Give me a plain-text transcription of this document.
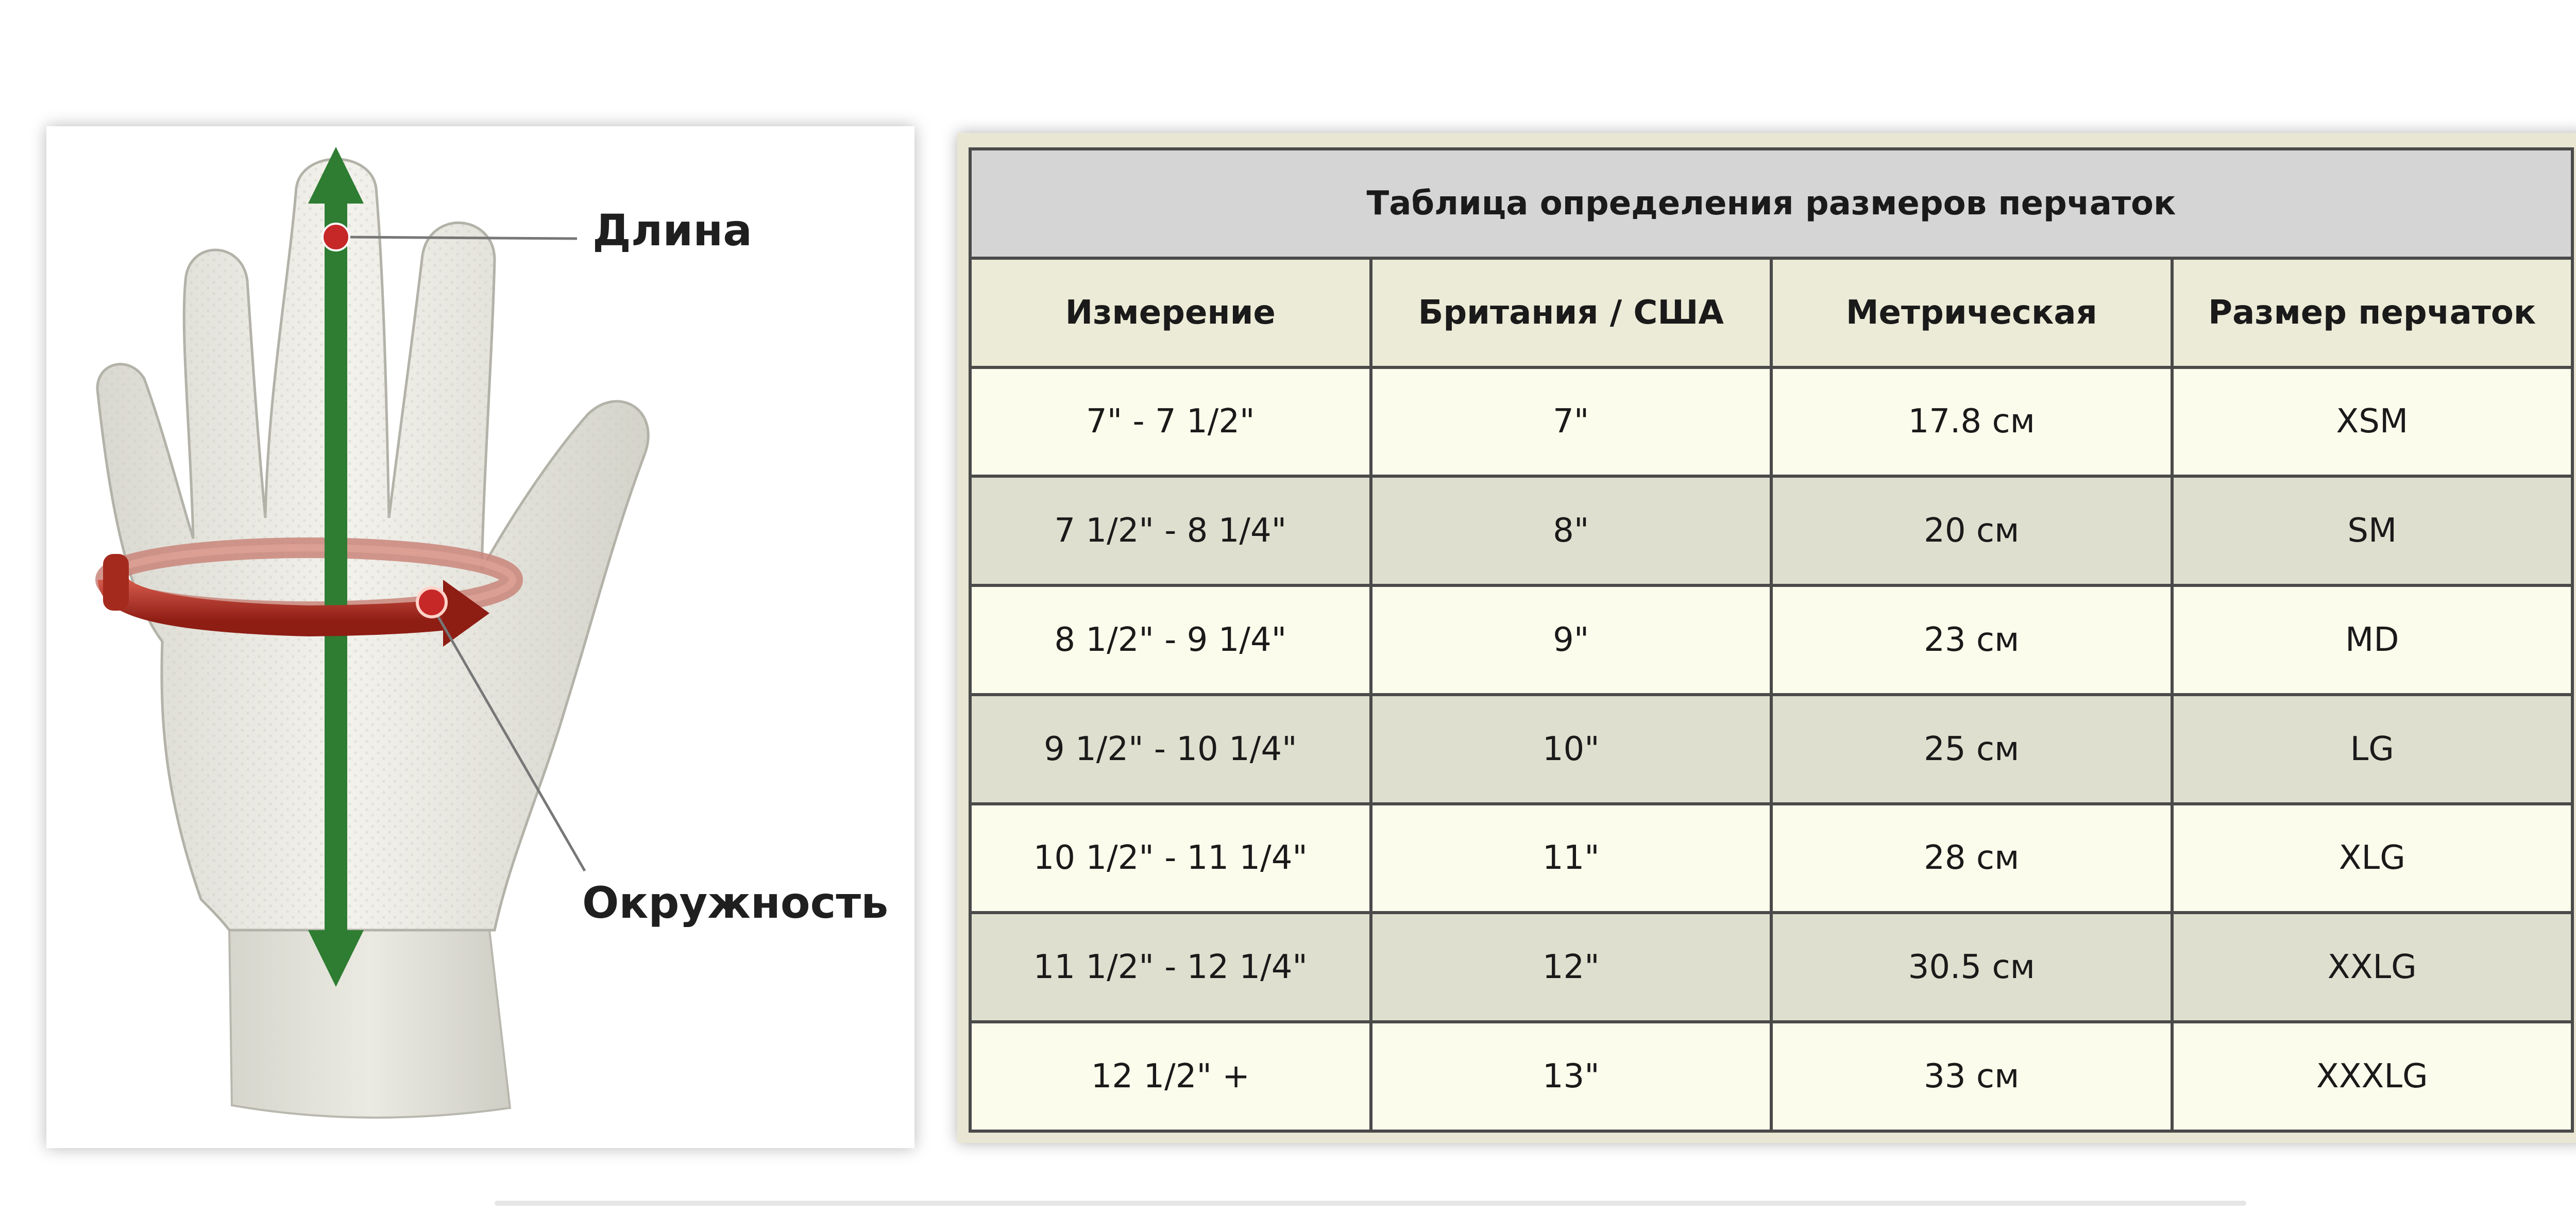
Длина
Окружность
Таблица определения размеров перчаток			
Измерение	Британия / США	Метрическая	Размер перчаток
7" - 7 1/2"	7"	17.8 см	XSM
7 1/2" - 8 1/4"	8"	20 см	SM
8 1/2" - 9 1/4"	9"	23 см	MD
9 1/2" - 10 1/4"	10"	25 см	LG
10 1/2" - 11 1/4"	11"	28 см	XLG
11 1/2" - 12 1/4"	12"	30.5 см	XXLG
12 1/2" +	13"	33 см	XXXLG
